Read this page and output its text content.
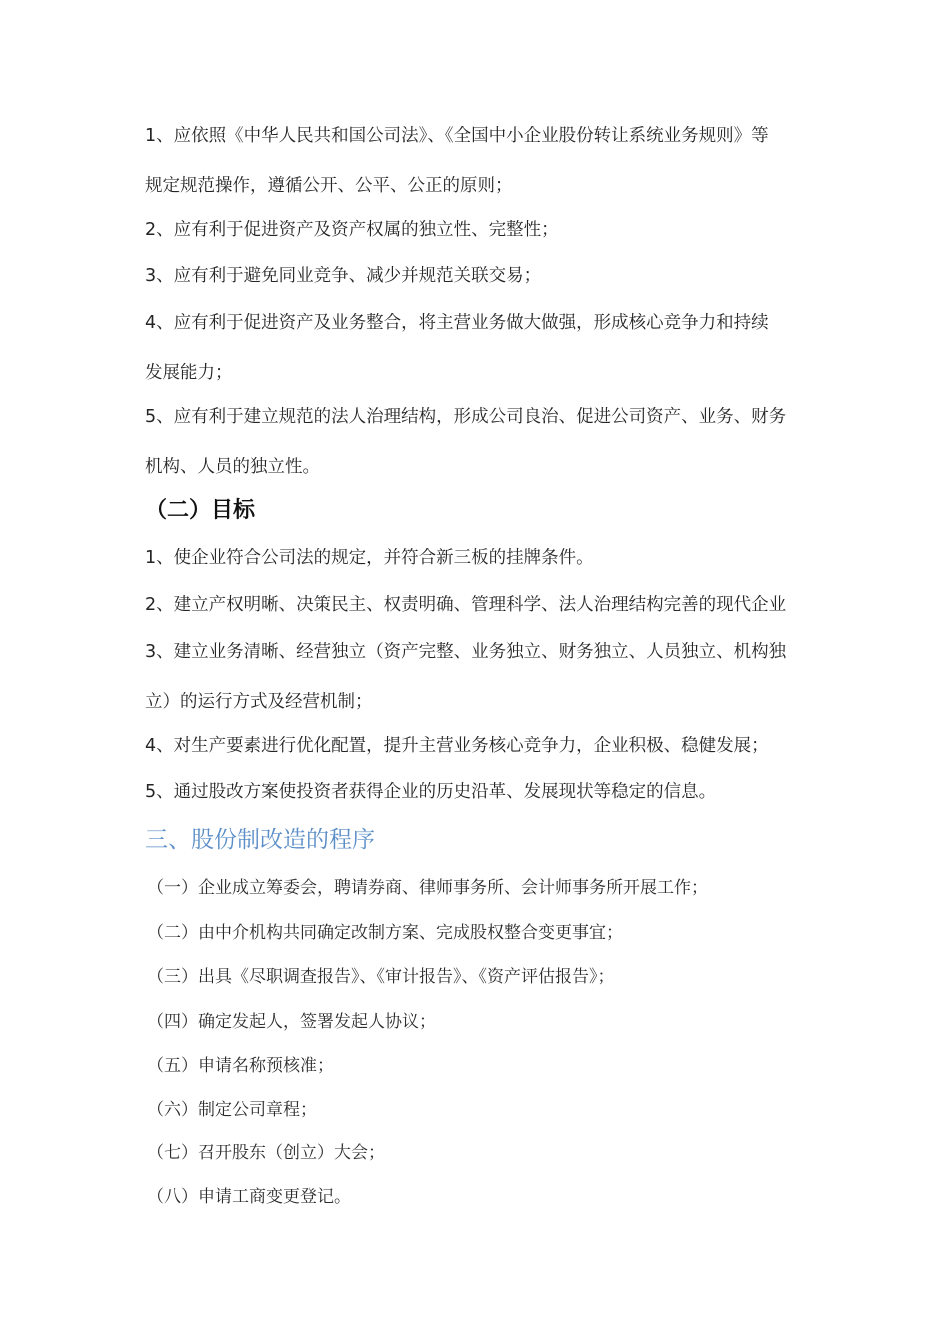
1、应依照《中华人民共和国公司法》、《全国中小企业股份转让系统业务规则》等
规定规范操作，遵循公开、公平、公正的原则；
2、应有利于促进资产及资产权属的独立性、完整性；
3、应有利于避免同业竞争、减少并规范关联交易；
4、应有利于促进资产及业务整合，将主营业务做大做强，形成核心竞争力和持续
发展能力；
5、应有利于建立规范的法人治理结构，形成公司良治、促进公司资产、业务、财务
机构、人员的独立性。
（二）目标
1、使企业符合公司法的规定，并符合新三板的挂牌条件。
2、建立产权明晰、决策民主、权责明确、管理科学、法人治理结构完善的现代企业
3、建立业务清晰、经营独立（资产完整、业务独立、财务独立、人员独立、机构独
立）的运行方式及经营机制；
4、对生产要素进行优化配置，提升主营业务核心竞争力，企业积极、稳健发展；
5、通过股改方案使投资者获得企业的历史沿革、发展现状等稳定的信息。
三、股份制改造的程序
（一）企业成立筹委会，聘请券商、律师事务所、会计师事务所开展工作；
（二）由中介机构共同确定改制方案、完成股权整合变更事宜；
（三）出具《尽职调查报告》、《审计报告》、《资产评估报告》；
（四）确定发起人，签署发起人协议；
（五）申请名称预核准；
（六）制定公司章程；
（七）召开股东（创立）大会；
（八）申请工商变更登记。
